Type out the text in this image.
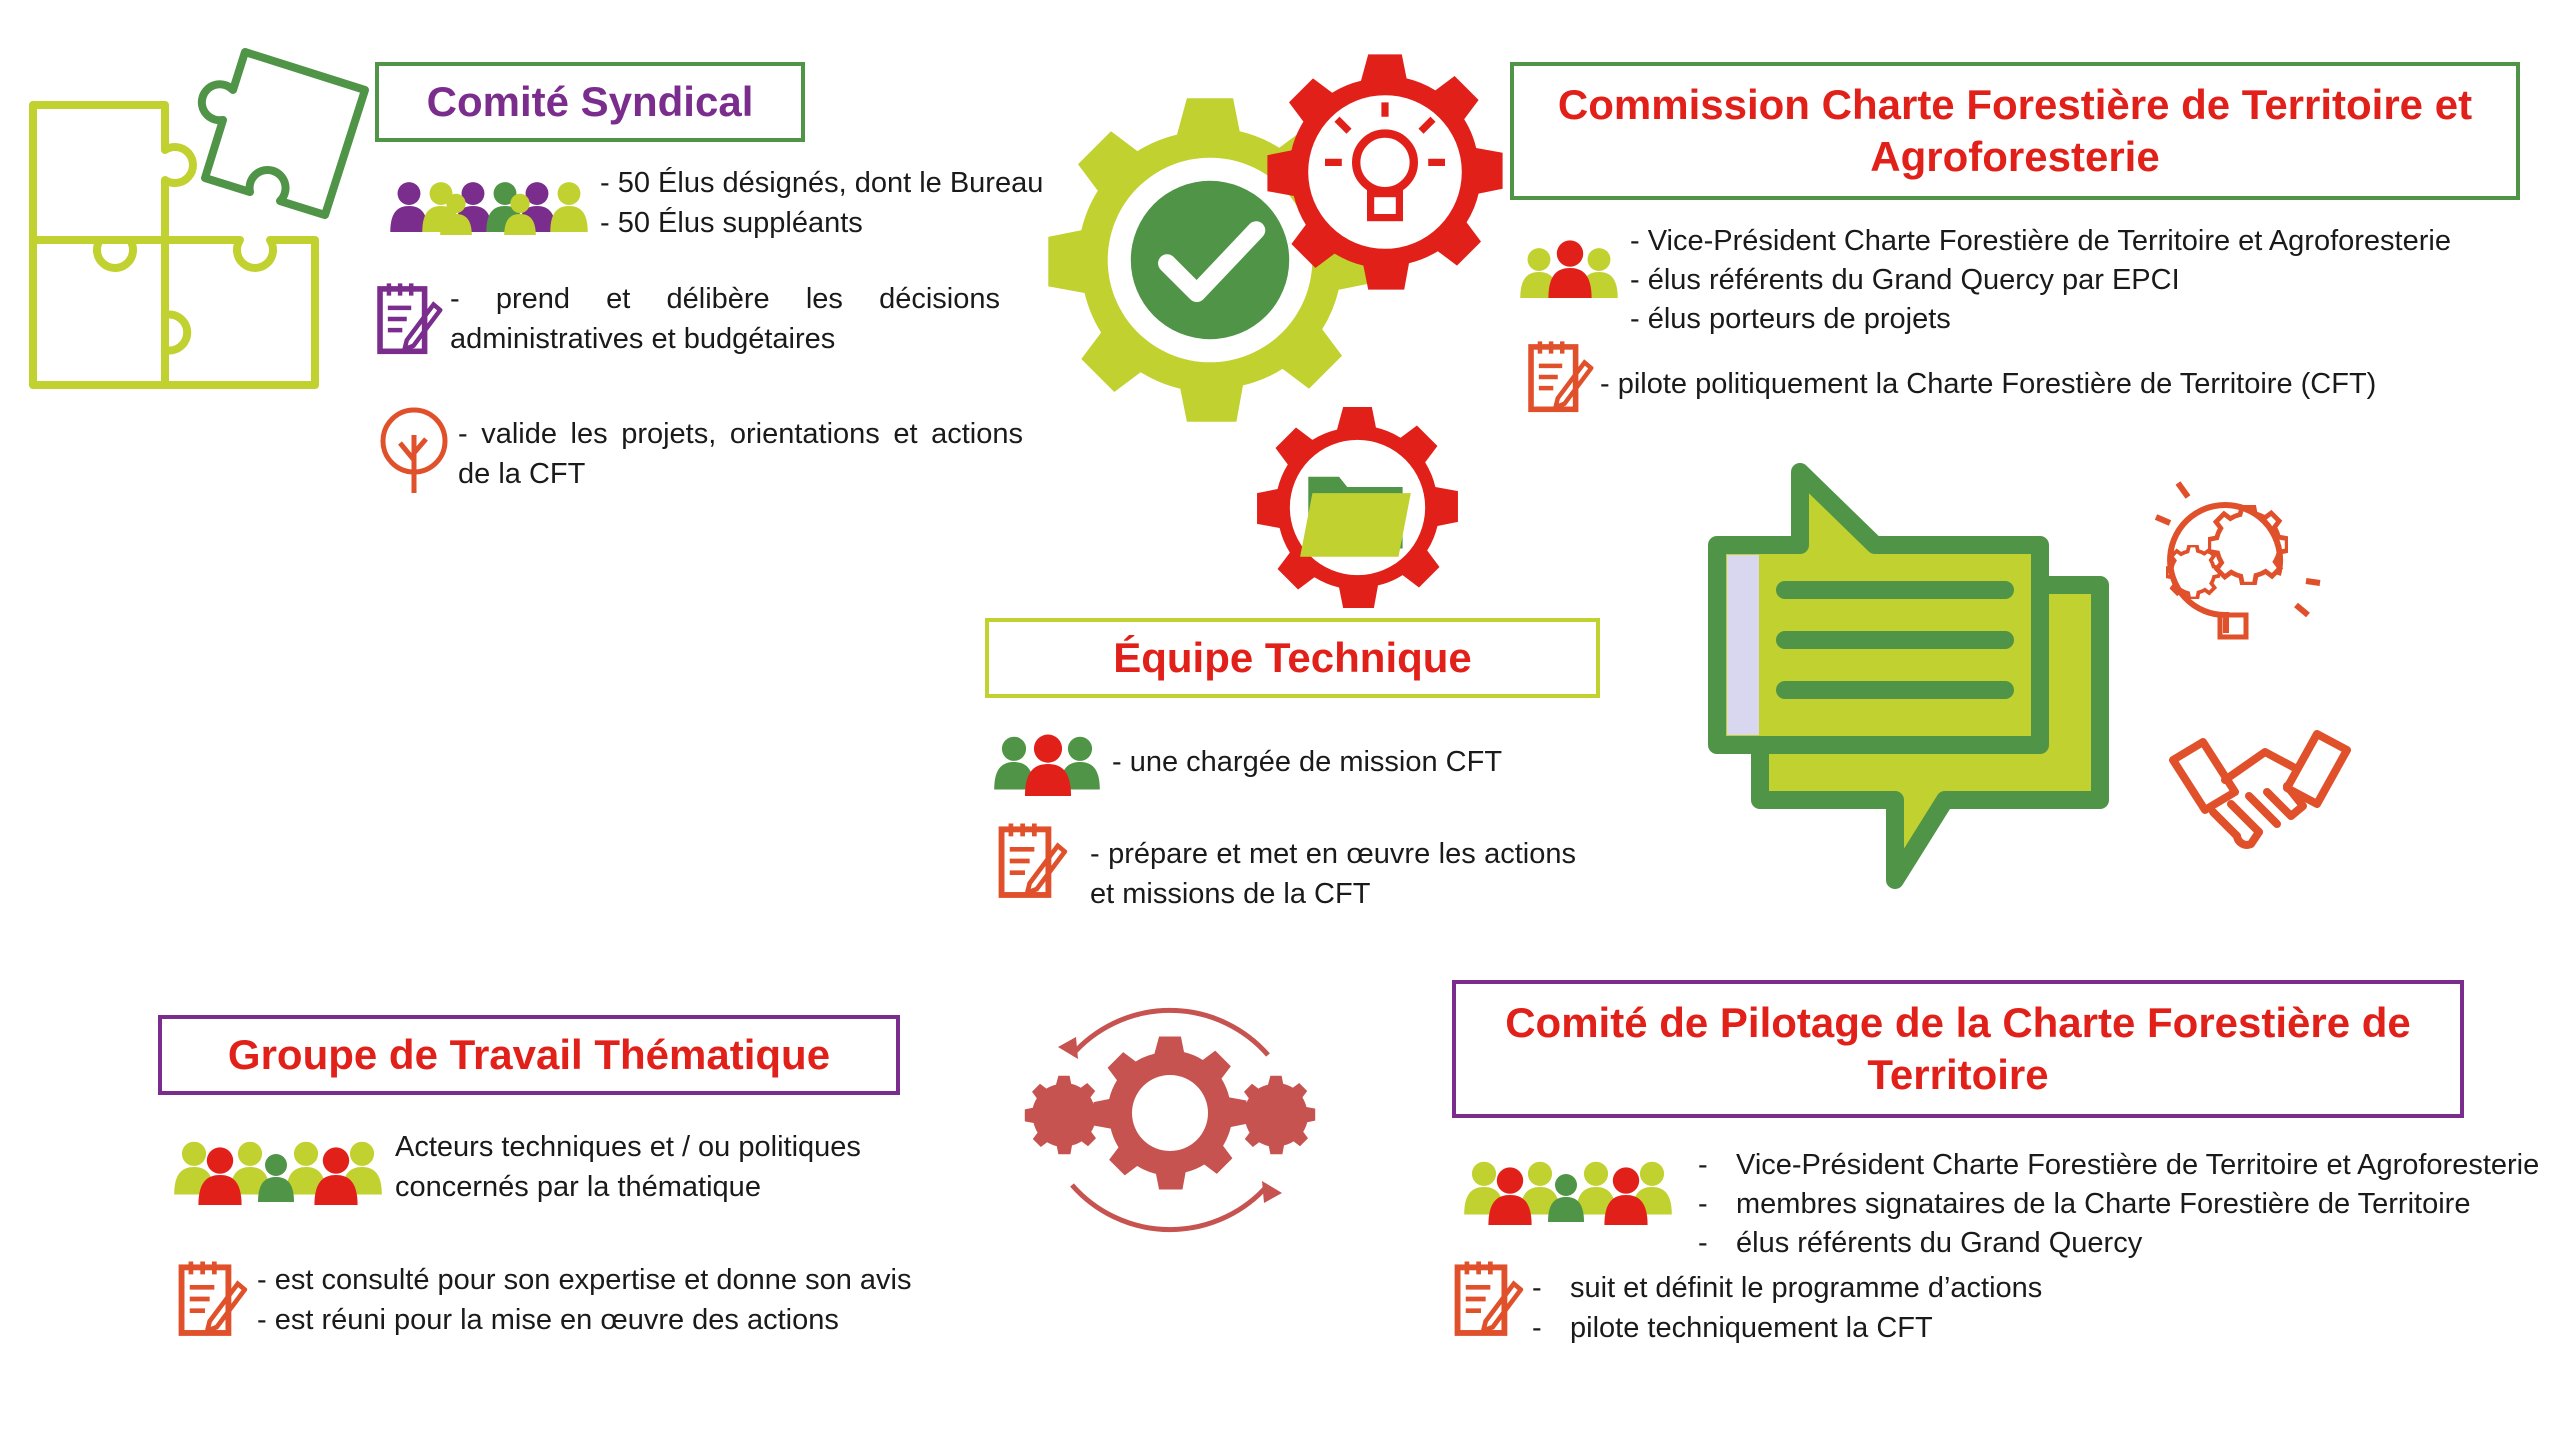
Comité Syndical
- 50 Élus désignés, dont le Bureau
- 50 Élus suppléants
- prend et délibère les décisions administratives et budgétaires
- valide les projets, orientations et actions de la CFT
Commission Charte Forestière de Territoire et Agroforesterie
- Vice-Président Charte Forestière de Territoire et Agroforesterie
- élus référents du Grand Quercy par EPCI
- élus porteurs de projets
- pilote politiquement la Charte Forestière de Territoire (CFT)
Équipe Technique
- une chargée de mission CFT
- prépare et met en œuvre les actions et missions de la CFT
Groupe de Travail Thématique
Acteurs techniques et / ou politiques
concernés par la thématique
- est consulté pour son expertise et donne son avis
- est réuni pour la mise en œuvre des actions
Comité de Pilotage de la Charte Forestière de Territoire
- Vice-Président Charte Forestière de Territoire et Agroforesterie
- membres signataires de la Charte Forestière de Territoire
- élus référents du Grand Quercy
- suit et définit le programme d’actions
- pilote techniquement la CFT
